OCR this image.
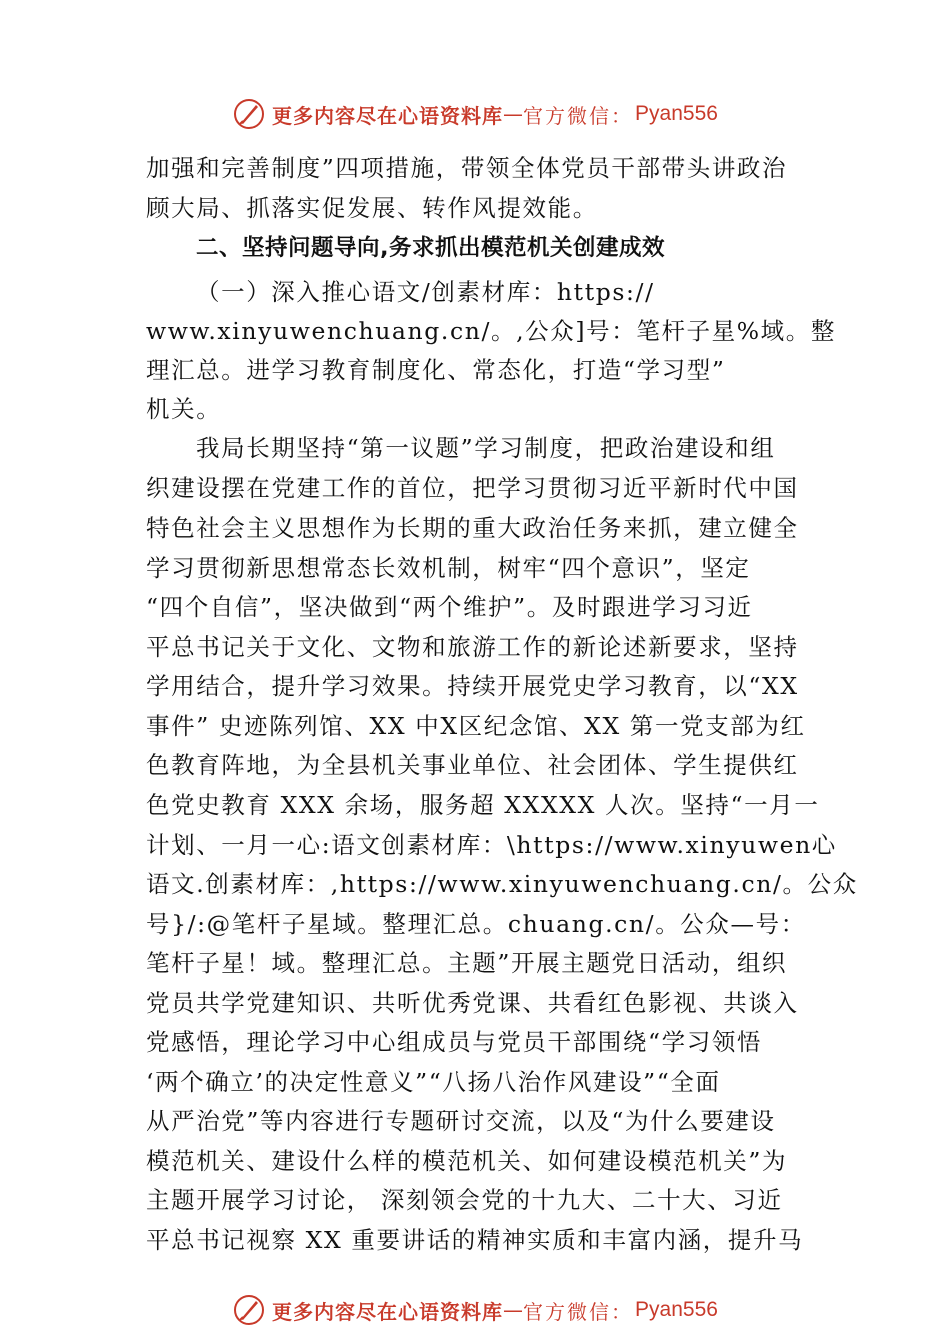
更多内容尽在心语资料库 — 官方微信： Pyan556
加强和完善制度”四项措施，带领全体党员干部带头讲政治
顾大局、抓落实促发展、转作风提效能。
二、坚持问题导向,务求抓出模范机关创建成效
（一）深入推心语文/创素材库：https://
www.xinyuwenchuang.cn/。,公众]号：笔杆子星%域。整
理汇总。进学习教育制度化、常态化，打造“学习型”
机关。
我局长期坚持“第一议题”学习制度，把政治建设和组
织建设摆在党建工作的首位，把学习贯彻习近平新时代中国
特色社会主义思想作为长期的重大政治任务来抓，建立健全
学习贯彻新思想常态长效机制，树牢“四个意识”，坚定
“四个自信”，坚决做到“两个维护”。及时跟进学习习近
平总书记关于文化、文物和旅游工作的新论述新要求，坚持
学用结合，提升学习效果。持续开展党史学习教育，以“XX
事件” 史迹陈列馆、XX 中X区纪念馆、XX 第一党支部为红
色教育阵地，为全县机关事业单位、社会团体、学生提供红
色党史教育 XXX 余场，服务超 XXXXX 人次。坚持“一月一
计划、一月一心:语文创素材库：\https://www.xinyuwen心
语文.创素材库：,https://www.xinyuwenchuang.cn/。公众
号}/:@笔杆子星域。整理汇总。chuang.cn/。公众—号：
笔杆子星！域。整理汇总。主题”开展主题党日活动，组织
党员共学党建知识、共听优秀党课、共看红色影视、共谈入
党感悟，理论学习中心组成员与党员干部围绕“学习领悟
‘两个确立’的决定性意义”“八扬八治作风建设”“全面
从严治党”等内容进行专题研讨交流，以及“为什么要建设
模范机关、建设什么样的模范机关、如何建设模范机关”为
主题开展学习讨论， 深刻领会党的十九大、二十大、习近
平总书记视察 XX 重要讲话的精神实质和丰富内涵，提升马
更多内容尽在心语资料库 — 官方微信： Pyan556
